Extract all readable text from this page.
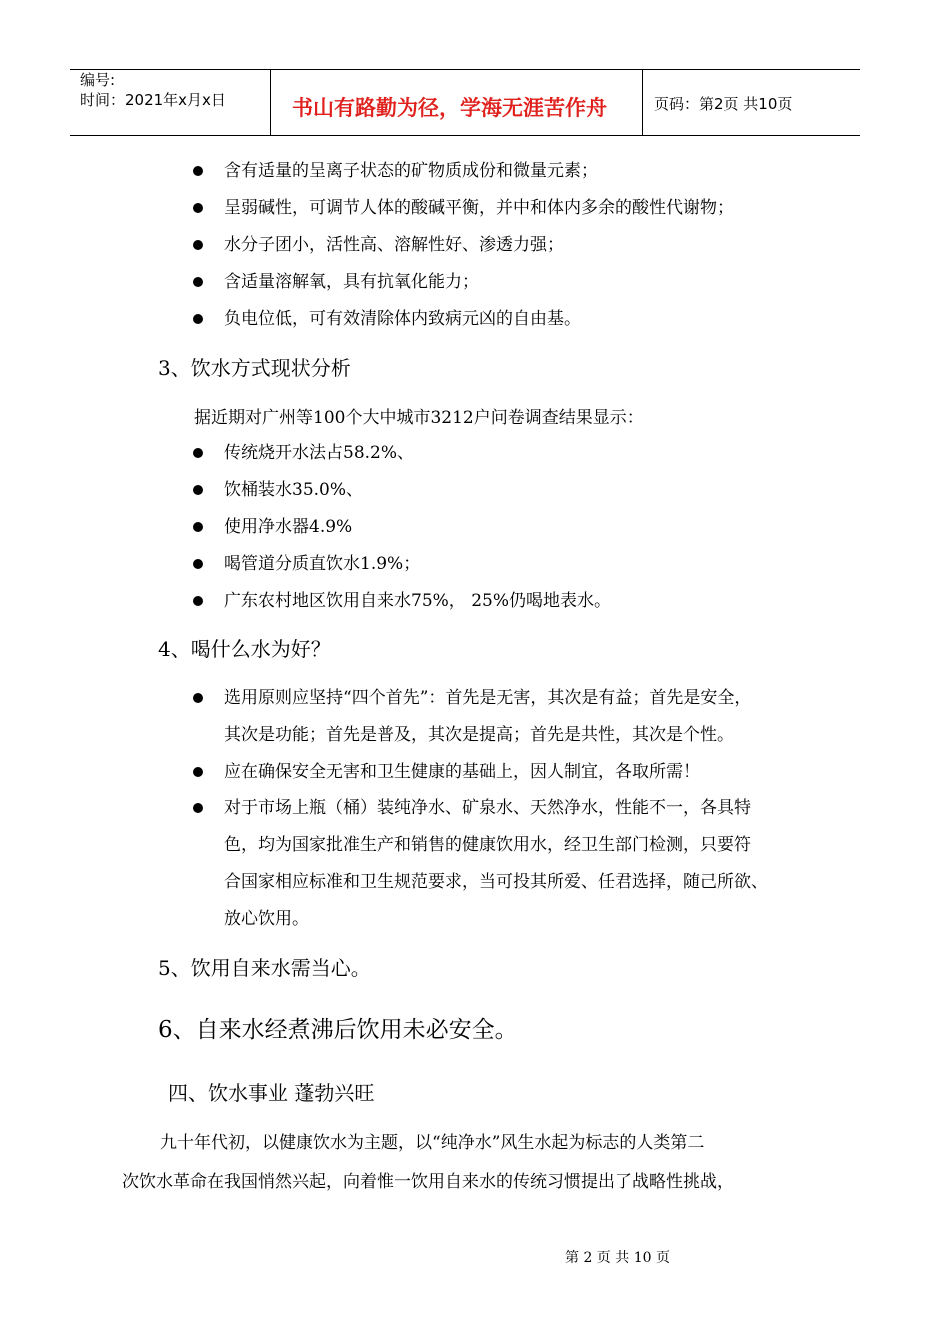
编号:
时间：2021年x月x日	书山有路勤为径，学海无涯苦作舟	页码：第2页 共10页
含有适量的呈离子状态的矿物质成份和微量元素；
呈弱碱性，可调节人体的酸碱平衡，并中和体内多余的酸性代谢物；
水分子团小，活性高、溶解性好、渗透力强；
含适量溶解氧，具有抗氧化能力；
负电位低，可有效清除体内致病元凶的自由基。
3、饮水方式现状分析
据近期对广州等100个大中城市3212户问卷调查结果显示：
传统烧开水法占58.2%、
饮桶装水35.0%、
使用净水器4.9%
喝管道分质直饮水1.9%；
广东农村地区饮用自来水75%， 25%仍喝地表水。
4、喝什么水为好？
选用原则应坚持“四个首先”：首先是无害，其次是有益；首先是安全，
其次是功能；首先是普及，其次是提高；首先是共性，其次是个性。
应在确保安全无害和卫生健康的基础上，因人制宜，各取所需！
对于市场上瓶（桶）装纯净水、矿泉水、天然净水，性能不一，各具特
色，均为国家批准生产和销售的健康饮用水，经卫生部门检测，只要符
合国家相应标准和卫生规范要求，当可投其所爱、任君选择，随己所欲、
放心饮用。
5、饮用自来水需当心。
6、自来水经煮沸后饮用未必安全。
四、饮水事业 蓬勃兴旺
九十年代初，以健康饮水为主题，以“纯净水”风生水起为标志的人类第二
次饮水革命在我国悄然兴起，向着惟一饮用自来水的传统习惯提出了战略性挑战，
第 2 页 共 10 页
